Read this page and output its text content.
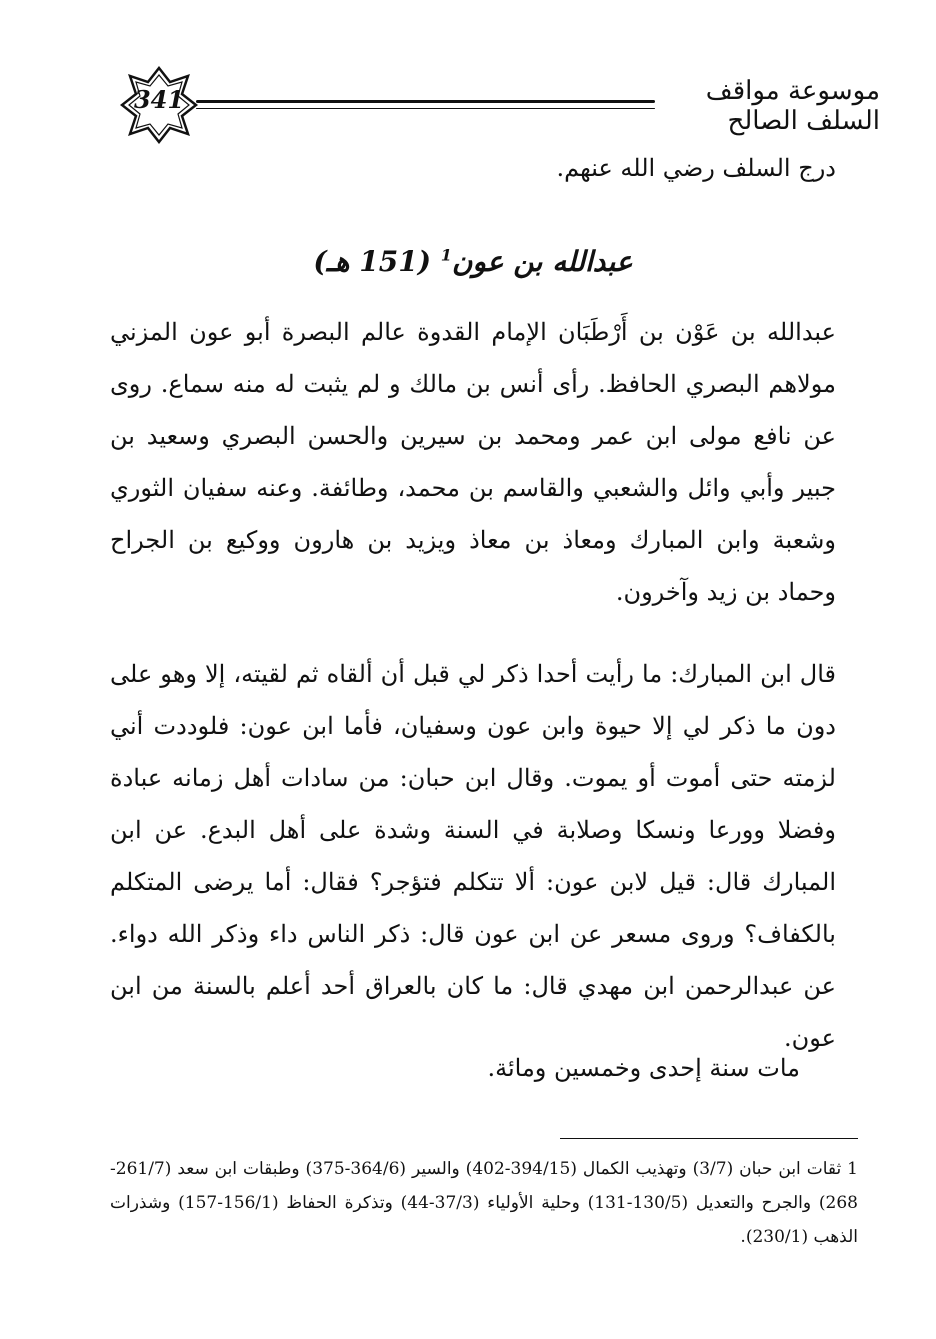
341	موسوعة مواقف السلف الصالح
درج السلف رضي الله عنهم.
عبدالله بن عون$^1$ (151 هـ)
عبدالله بن عَوْن بن أَرْطَبَان الإمام القدوة عالم البصرة أبو عون المزني مولاهم البصري الحافظ. رأى أنس بن مالك و لم يثبت له منه سماع. روى عن نافع مولى ابن عمر ومحمد بن سيرين والحسن البصري وسعيد بن جبير وأبي وائل والشعبي والقاسم بن محمد، وطائفة. وعنه سفيان الثوري وشعبة وابن المبارك ومعاذ بن معاذ ويزيد بن هارون ووكيع بن الجراح وحماد بن زيد وآخرون.
قال ابن المبارك: ما رأيت أحدا ذكر لي قبل أن ألقاه ثم لقيته، إلا وهو على دون ما ذكر لي إلا حيوة وابن عون وسفيان، فأما ابن عون: فلوددت أني لزمته حتى أموت أو يموت. وقال ابن حبان: من سادات أهل زمانه عبادة وفضلا وورعا ونسكا وصلابة في السنة وشدة على أهل البدع. عن ابن المبارك قال: قيل لابن عون: ألا تتكلم فتؤجر؟ فقال: أما يرضى المتكلم بالكفاف؟ وروى مسعر عن ابن عون قال: ذكر الناس داء وذكر الله دواء. عن عبدالرحمن ابن مهدي قال: ما كان بالعراق أحد أعلم بالسنة من ابن عون.
مات سنة إحدى وخمسين ومائة.
1 ثقات ابن حبان (3/7) وتهذيب الكمال (394/15-402) والسير (364/6-375) وطبقات ابن سعد (261/7-268) والجرح والتعديل (130/5-131) وحلية الأولياء (37/3-44) وتذكرة الحفاظ (156/1-157) وشذرات الذهب (230/1).
